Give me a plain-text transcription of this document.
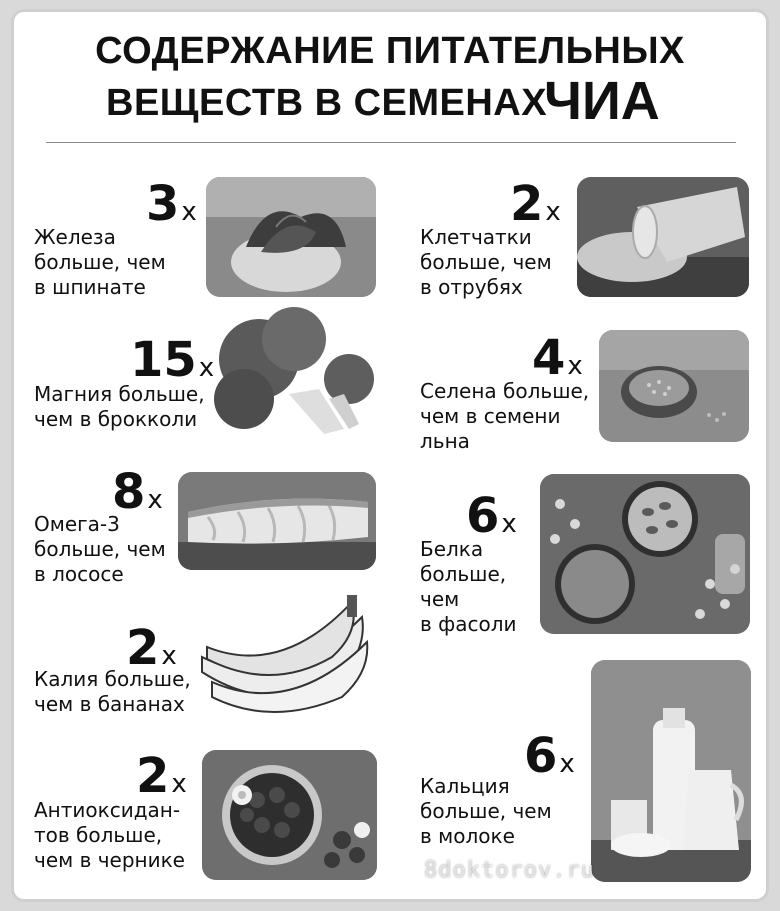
СОДЕРЖАНИЕ ПИТАТЕЛЬНЫХ
ВЕЩЕСТВ В СЕМЕНАХ
ЧИА
3х
Железа
больше, чем
в шпинате
15х
Магния больше,
чем в брокколи
8х
Омега-3
больше, чем
в лососе
2х
Калия больше,
чем в бананах
2х
Антиоксидан-
тов больше,
чем в чернике
2х
Клетчатки
больше, чем
в отрубях
4х
Селена больше,
чем в семени
льна
6х
Белка
больше,
чем
в фасоли
6х
Кальция
больше, чем
в молоке
8doktorov.ru
